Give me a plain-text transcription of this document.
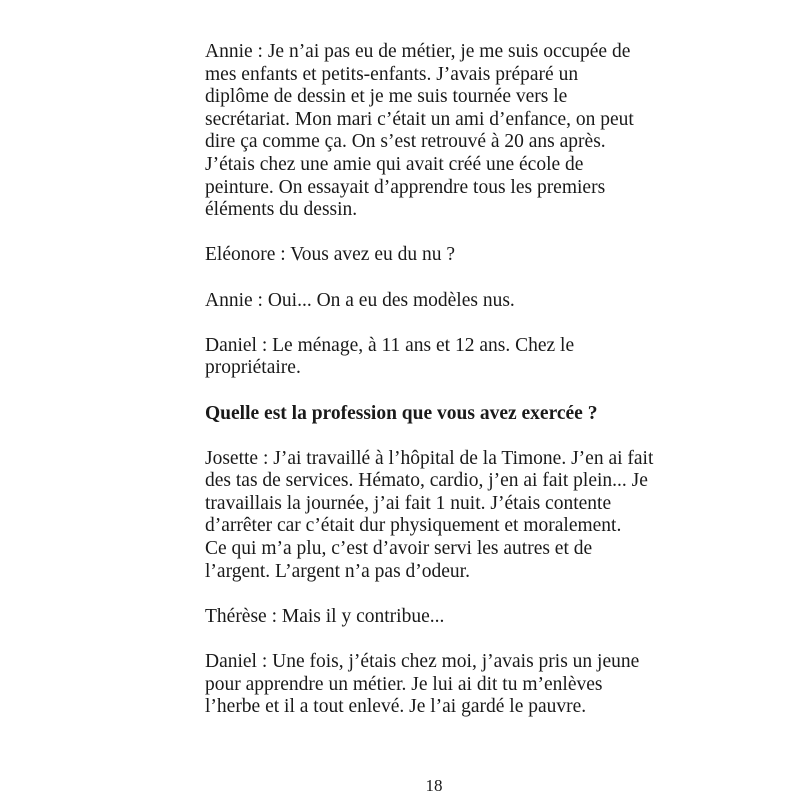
Annie : Je n’ai pas eu de métier, je me suis occupée de
mes enfants et petits-enfants. J’avais préparé un
diplôme de dessin et je me suis tournée vers le
secrétariat. Mon mari c’était un ami d’enfance, on peut
dire ça comme ça. On s’est retrouvé à 20 ans après.
J’étais chez une amie qui avait créé une école de
peinture. On essayait d’apprendre tous les premiers
éléments du dessin.

Eléonore : Vous avez eu du nu ?

Annie : Oui... On a eu des modèles nus.

Daniel : Le ménage, à 11 ans et 12 ans. Chez le
propriétaire.

Quelle est la profession que vous avez exercée ?

Josette : J’ai travaillé à l’hôpital de la Timone. J’en ai fait
des tas de services. Hémato, cardio, j’en ai fait plein... Je
travaillais la journée, j’ai fait 1 nuit. J’étais contente
d’arrêter car c’était dur physiquement et moralement.
Ce qui m’a plu, c’est d’avoir servi les autres et de
l’argent. L’argent n’a pas d’odeur.

Thérèse : Mais il y contribue...

Daniel : Une fois, j’étais chez moi, j’avais pris un jeune
pour apprendre un métier. Je lui ai dit tu m’enlèves
l’herbe et il a tout enlevé. Je l’ai gardé le pauvre.

18
